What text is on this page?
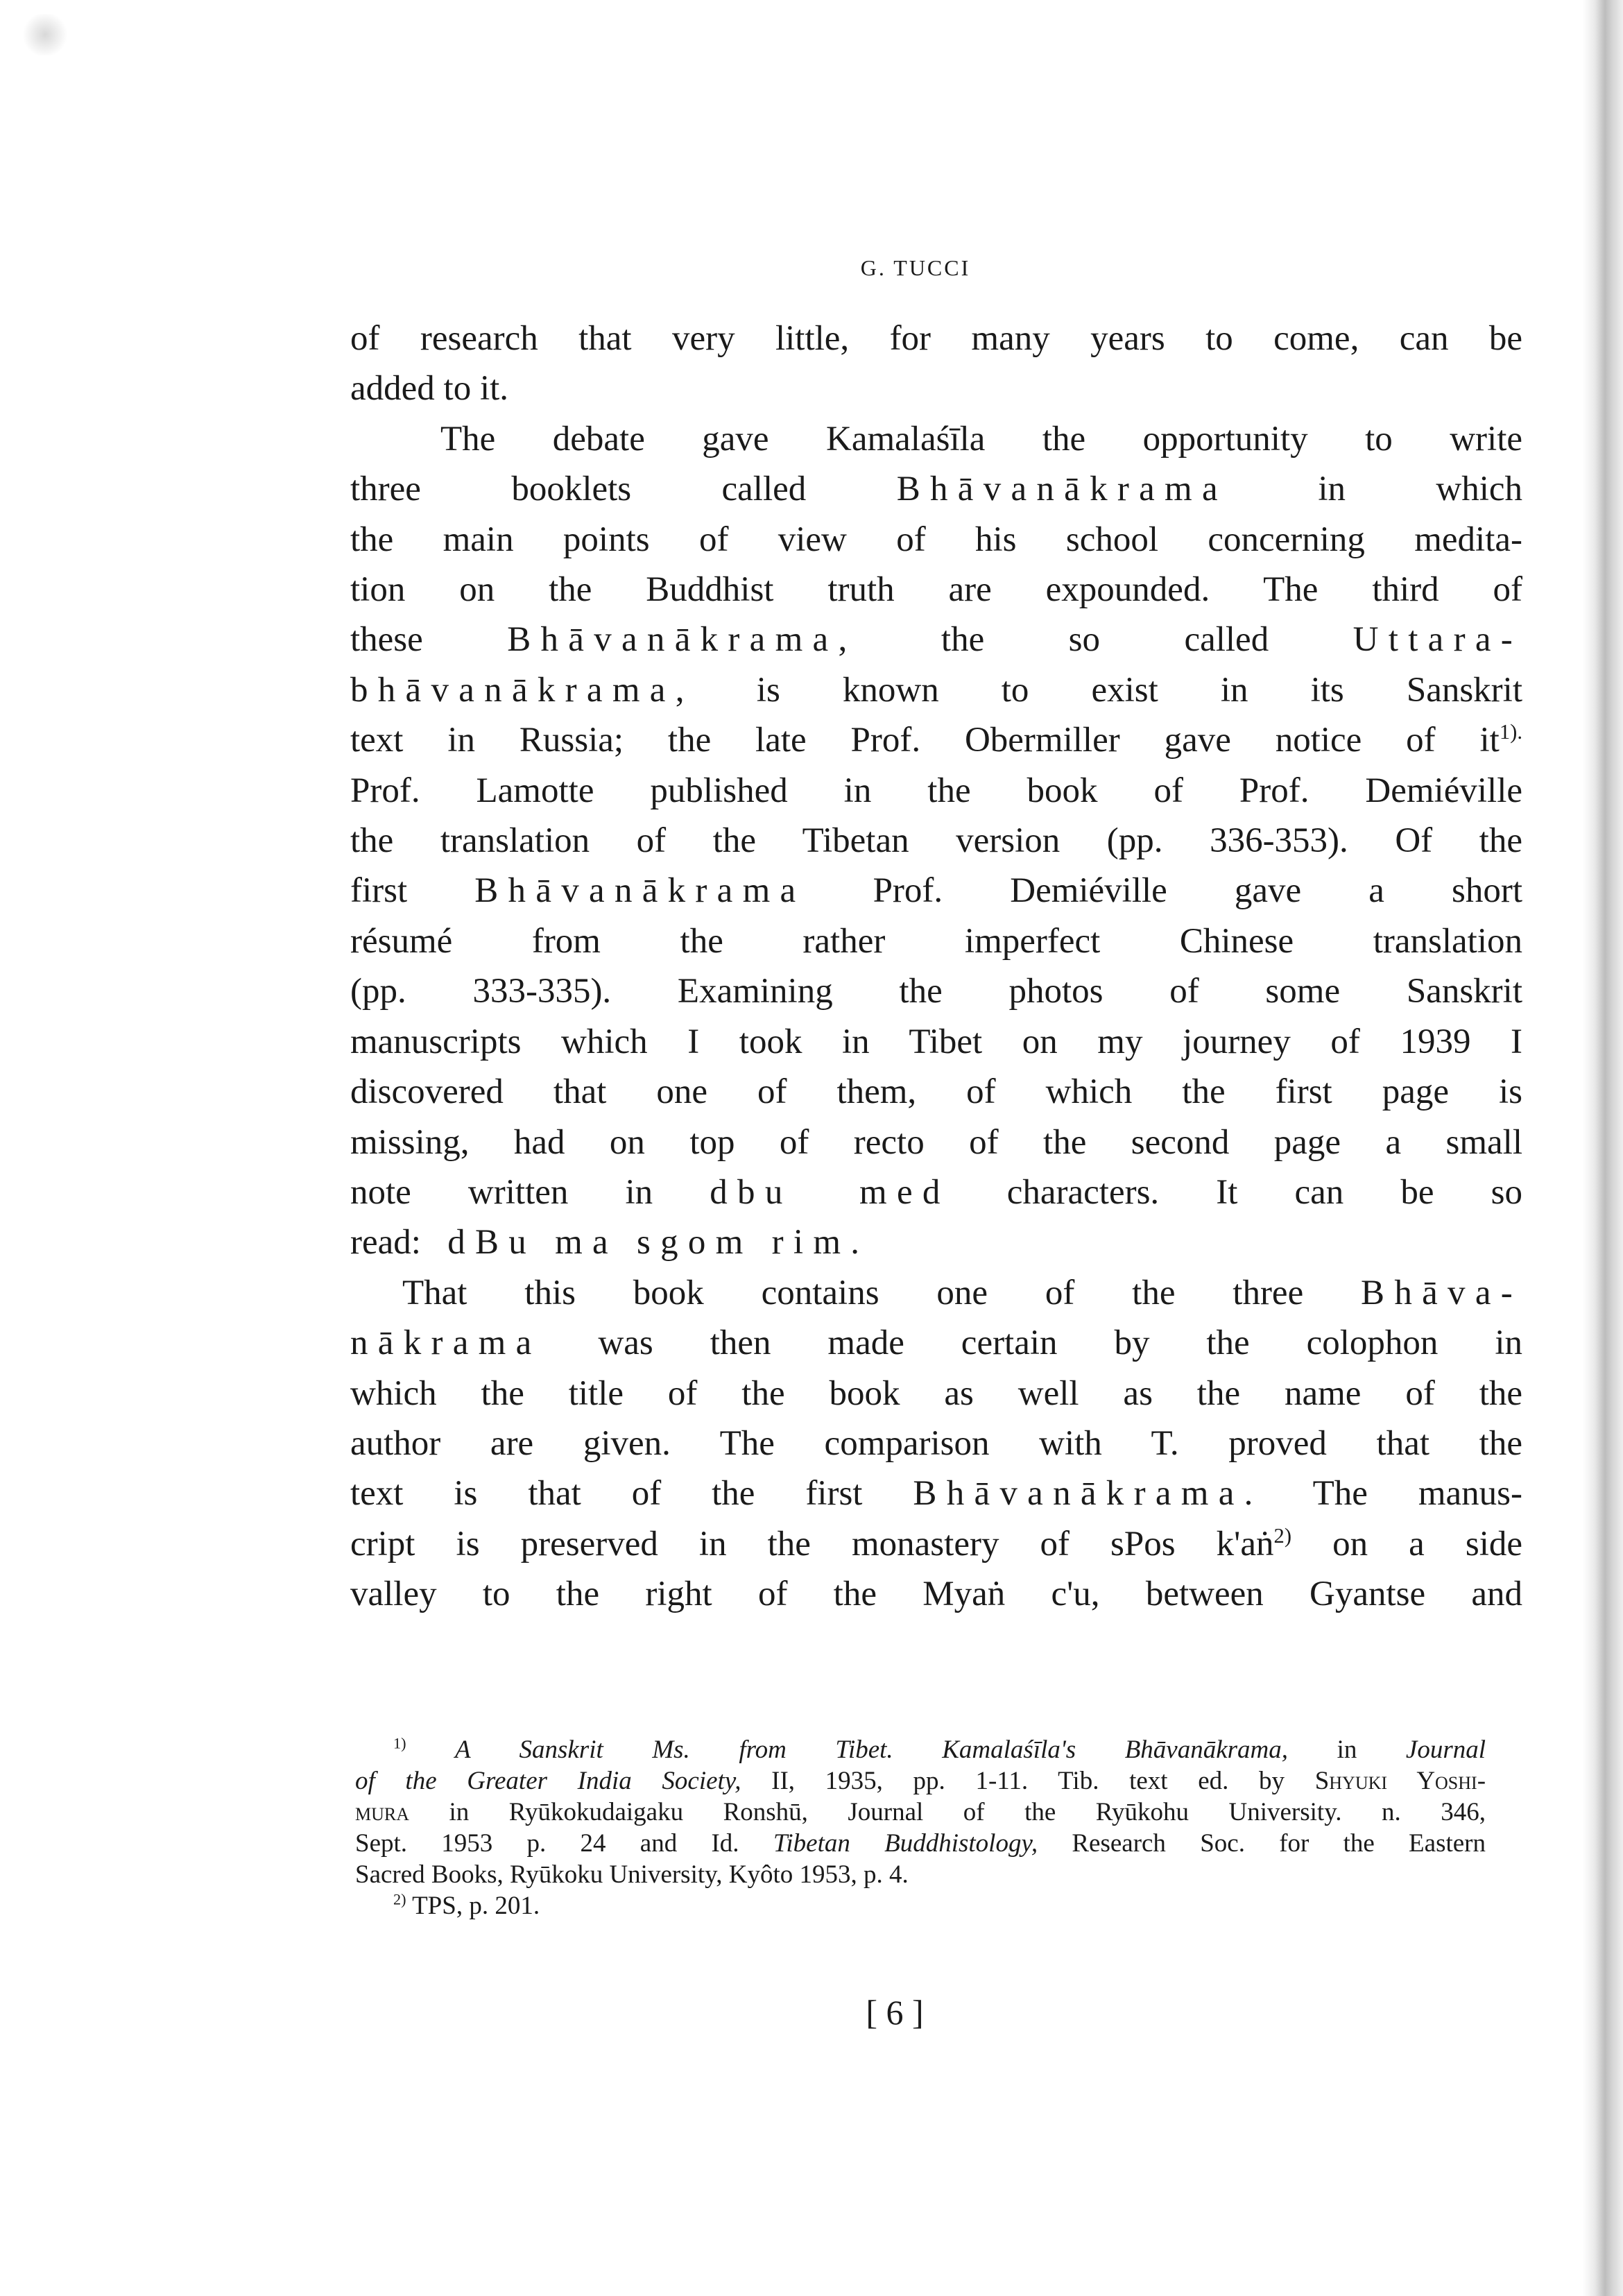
G. TUCCI
of research that very little, for many years to come, can be
added to it.
The debate gave Kamalaśīla the opportunity to write
three booklets called	Bhāvanākrama	in which
the main points of view of his school concerning medita-
tion on the Buddhist truth are expounded. The third of
these Bhāvanākrama, the so called Uttara-
bhāvanākrama, is known to exist in its Sanskrit
text in Russia; the late Prof. Obermiller gave notice of $it^{1).}$
Prof. Lamotte published in the book of Prof. Demiéville
the translation of the Tibetan version (pp. 336-353). Of the
first Bhāvanākrama Prof. Demiéville gave a short
résumé from the rather imperfect Chinese translation
(pp. 333-335). Examining the photos of some Sanskrit
manuscripts which I took in Tibet on my journey of 1939 I
discovered that one of them, of which the first page is
missing, had on top of recto of the second page a small
note written in dbu med characters. It can be so
read: dBu ma sgom rim.
That this book contains one of the three Bhāva-
nākrama was then made certain by the colophon in
which the title of the book as well as the name of the
author are given. The comparison with T. proved that the
text is that of the first Bhāvanākrama. The manus-
cript is preserved in the monastery of sPos k'aṅ$^{2)}$ on a side
valley to the right of the Myaṅ c'u, between Gyantse and
$^{1)}$ A Sanskrit Ms. from Tibet. Kamalaśīla's Bhāvanākrama, in Journal
of the Greater India Society, II, 1935, pp. 1-11. Tib. text ed. by Shyuki Yoshi-
mura in Ryūkokudaigaku Ronshū, Journal of the Ryūkohu University. n. 346,
Sept. 1953 p. 24 and Id. Tibetan Buddhistology, Research Soc. for the Eastern
Sacred Books, Ryūkoku University, Kyôto 1953, p. 4.
$^{2)}$ TPS, p. 201.
[ 6 ]
